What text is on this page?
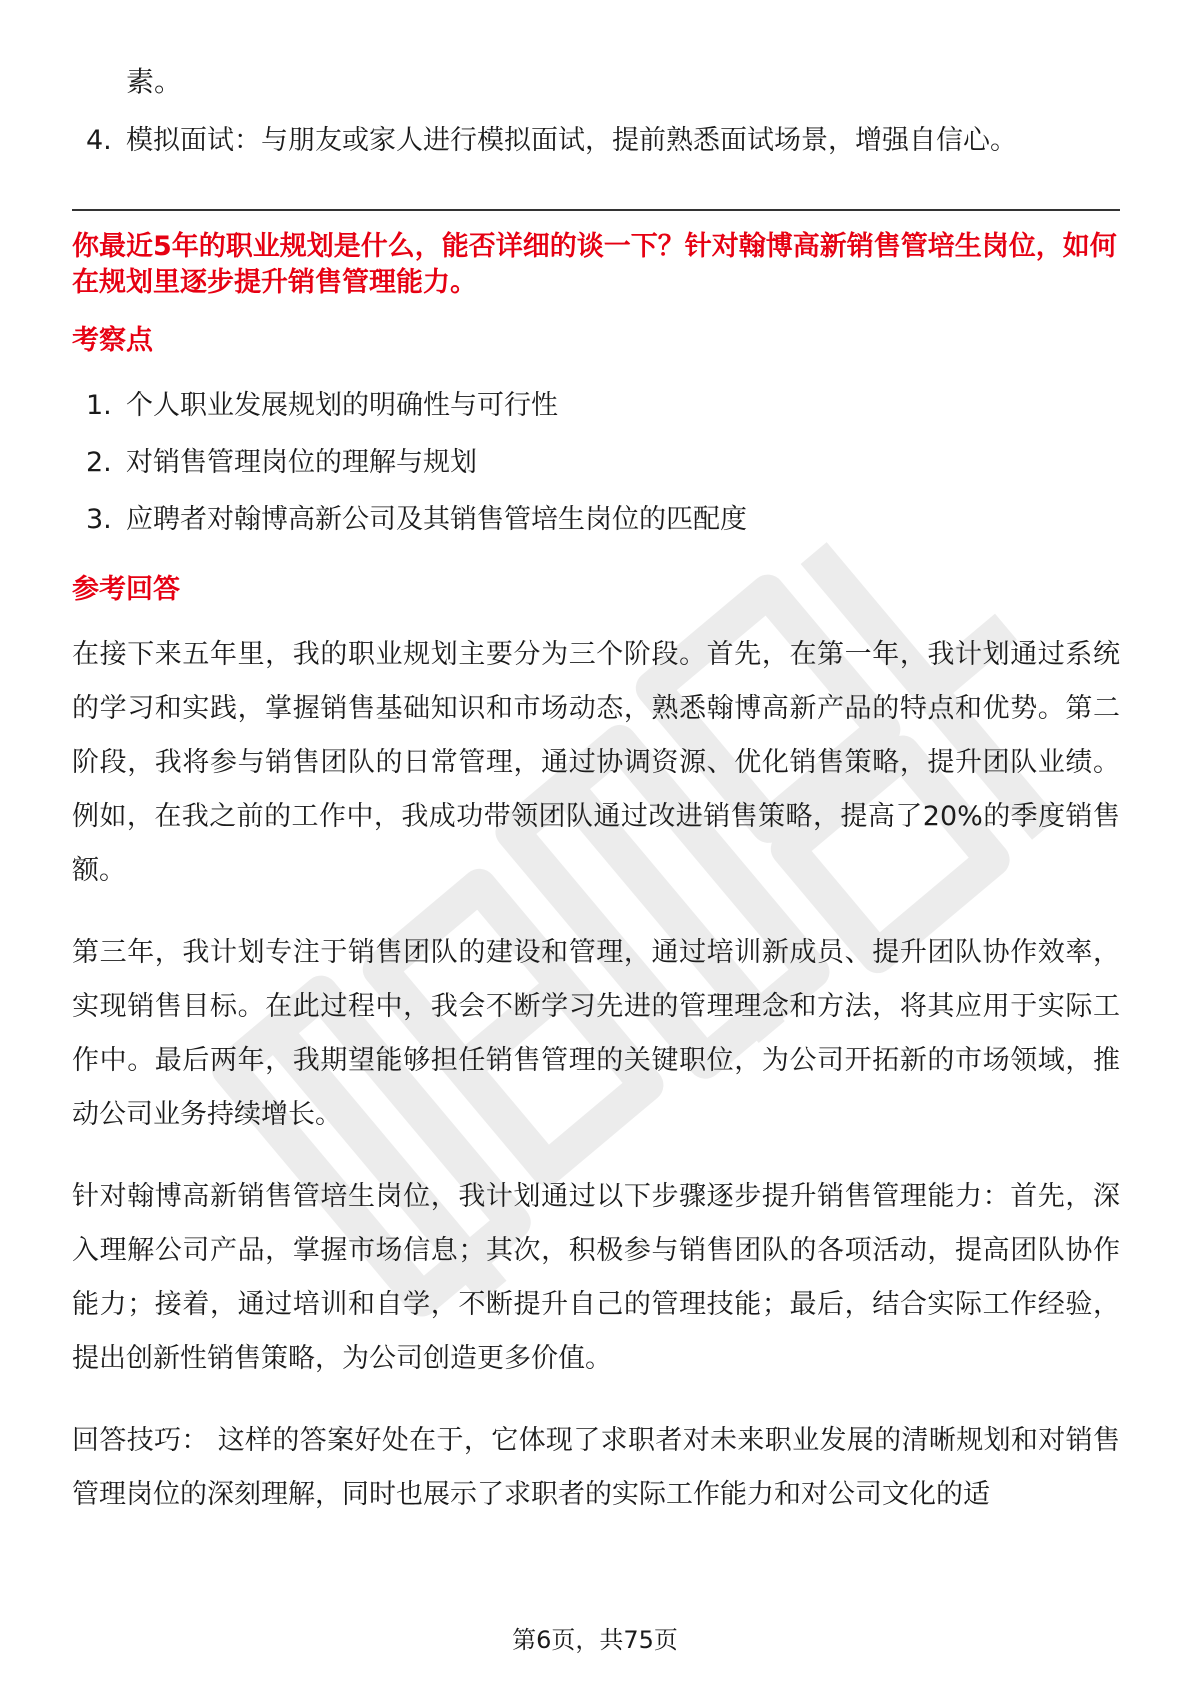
素。

4. 模拟面试：与朋友或家人进行模拟面试，提前熟悉面试场景，增强自信心。

你最近5年的职业规划是什么，能否详细的谈一下？针对翰博高新销售管培生岗位，如何在规划里逐步提升销售管理能力。

考察点

1. 个人职业发展规划的明确性与可行性
2. 对销售管理岗位的理解与规划
3. 应聘者对翰博高新公司及其销售管培生岗位的匹配度

参考回答

在接下来五年里，我的职业规划主要分为三个阶段。首先，在第一年，我计划通过系统的学习和实践，掌握销售基础知识和市场动态，熟悉翰博高新产品的特点和优势。第二阶段，我将参与销售团队的日常管理，通过协调资源、优化销售策略，提升团队业绩。例如，在我之前的工作中，我成功带领团队通过改进销售策略，提高了20%的季度销售额。

第三年，我计划专注于销售团队的建设和管理，通过培训新成员、提升团队协作效率，实现销售目标。在此过程中，我会不断学习先进的管理理念和方法，将其应用于实际工作中。最后两年，我期望能够担任销售管理的关键职位，为公司开拓新的市场领域，推动公司业务持续增长。

针对翰博高新销售管培生岗位，我计划通过以下步骤逐步提升销售管理能力：首先，深入理解公司产品，掌握市场信息；其次，积极参与销售团队的各项活动，提高团队协作能力；接着，通过培训和自学，不断提升自己的管理技能；最后，结合实际工作经验，提出创新性销售策略，为公司创造更多价值。

回答技巧： 这样的答案好处在于，它体现了求职者对未来职业发展的清晰规划和对销售管理岗位的深刻理解，同时也展示了求职者的实际工作能力和对公司文化的适

第6页，共75页
